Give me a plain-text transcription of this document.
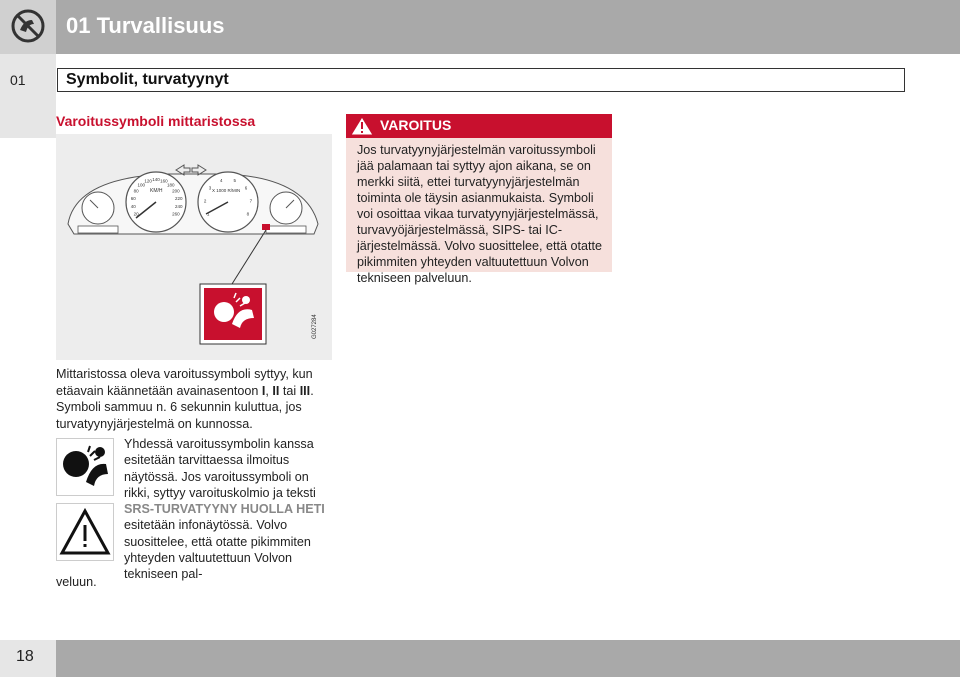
01 Turvallisuus
01	Symbolit, turvatyynyt
Varoitussymboli mittaristossa
KM/H	X 1000 R/MIN
G027284
20
40
60
80
100
120 140 160
180
200
220
240
260	1
2
3
4 5
6
7
8
VAROITUS
Jos turvatyynyjärjestelmän varoitussymboli jää palamaan tai syttyy ajon aikana, se on merkki siitä, ettei turvatyynyjärjestelmän toiminta ole täysin asianmukaista. Symboli voi osoittaa vikaa turvatyynyjärjestelmässä, turvavyöjärjestelmässä, SIPS- tai IC-järjestelmässä. Volvo suosittelee, että otatte pikimmiten yhteyden valtuutettuun Volvon tekniseen palveluun.
Mittaristossa oleva varoitussymboli syttyy, kun etäavain käännetään avainasentoon I, II tai III. Symboli sammuu n. 6 sekunnin kuluttua, jos turvatyynyjärjestelmä on kunnossa.
Yhdessä varoitussymbolin kanssa esitetään tarvittaessa ilmoitus näytössä. Jos varoitussymboli on rikki, syttyy varoituskolmio ja teksti SRS-TURVATYYNY HUOLLA HETI esitetään infonäytössä. Volvo suosittelee, että otatte pikimmiten yhteyden valtuutettuun Volvon tekniseen pal-
veluun.
18
